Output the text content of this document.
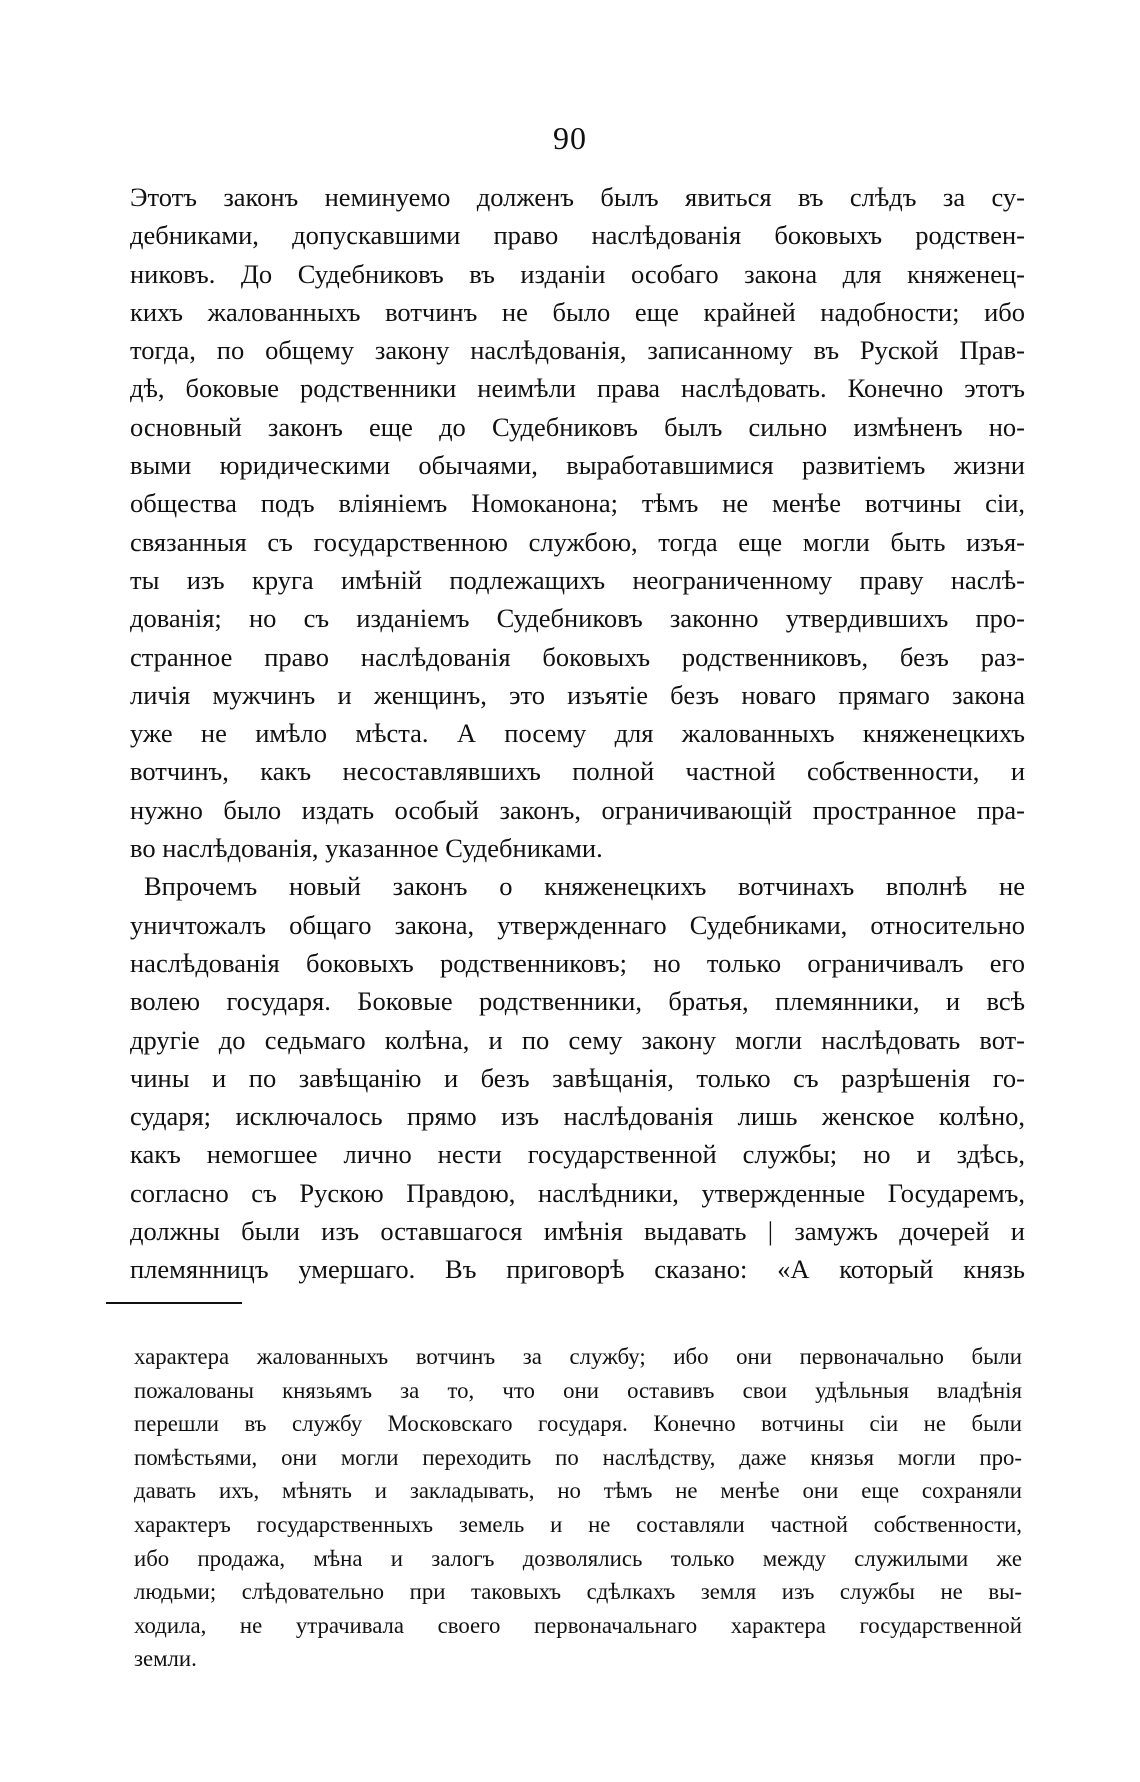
90
Этотъ законъ неминуемо долженъ былъ явиться въ слѣдъ за су-
дебниками, допускавшими право наслѣдованія боковыхъ родствен-
никовъ. До Судебниковъ въ изданіи особаго закона для княженец-
кихъ жалованныхъ вотчинъ не было еще крайней надобности; ибо
тогда, по общему закону наслѣдованія, записанному въ Руской Прав-
дѣ, боковые родственники неимѣли права наслѣдовать. Конечно этотъ
основный законъ еще до Судебниковъ былъ сильно измѣненъ но-
выми юридическими обычаями, выработавшимися развитіемъ жизни
общества подъ вліяніемъ Номоканона; тѣмъ не менѣе вотчины сіи,
связанныя съ государственною службою, тогда еще могли быть изъя-
ты изъ круга имѣній подлежащихъ неограниченному праву наслѣ-
дованія; но съ изданіемъ Судебниковъ законно утвердившихъ про-
странное право наслѣдованія боковыхъ родственниковъ, безъ раз-
личія мужчинъ и женщинъ, это изъятіе безъ новаго прямаго закона
уже не имѣло мѣста. А посему для жалованныхъ княженецкихъ
вотчинъ, какъ несоставлявшихъ полной частной собственности, и
нужно было издать особый законъ, ограничивающій пространное пра-
во наслѣдованія, указанное Судебниками.
Впрочемъ новый законъ о княженецкихъ вотчинахъ вполнѣ не
уничтожалъ общаго закона, утвержденнаго Судебниками, относительно
наслѣдованія боковыхъ родственниковъ; но только ограничивалъ его
волею государя. Боковые родственники, братья, племянники, и всѣ
другіе до седьмаго колѣна, и по сему закону могли наслѣдовать вот-
чины и по завѣщанію и безъ завѣщанія, только съ разрѣшенія го-
сударя; исключалось прямо изъ наслѣдованія лишь женское колѣно,
какъ немогшее лично нести государственной службы; но и здѣсь,
согласно съ Рускою Правдою, наслѣдники, утвержденные Государемъ,
должны были изъ оставшагося имѣнія выдавать | замужъ дочерей и
племянницъ умершаго. Въ приговорѣ сказано: «А который князь
характера жалованныхъ вотчинъ за службу; ибо они первоначально были
пожалованы князьямъ за то, что они оставивъ свои удѣльныя владѣнія
перешли въ службу Московскаго государя. Конечно вотчины сіи не были
помѣстьями, они могли переходить по наслѣдству, даже князья могли про-
давать ихъ, мѣнять и закладывать, но тѣмъ не менѣе они еще сохраняли
характеръ государственныхъ земель и не составляли частной собственности,
ибо продажа, мѣна и залогъ дозволялись только между служилыми же
людьми; слѣдовательно при таковыхъ сдѣлкахъ земля изъ службы не вы-
ходила, не утрачивала своего первоначальнаго характера государственной
земли.
